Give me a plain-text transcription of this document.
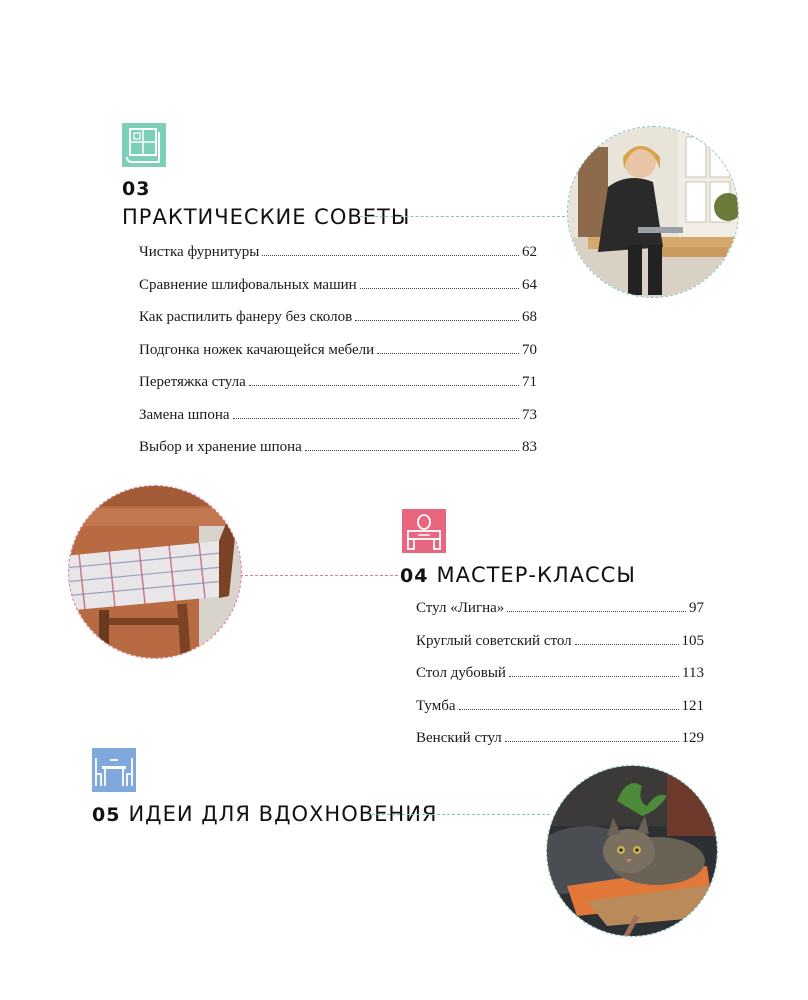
03
ПРАКТИЧЕСКИЕ СОВЕТЫ
Чистка фурнитуры	62
Сравнение шлифовальных машин	64
Как распилить фанеру без сколов	68
Подгонка ножек качающейся мебели	70
Перетяжка стула	71
Замена шпона	73
Выбор и хранение шпона	83
04 МАСТЕР-КЛАССЫ
Стул «Лигна»	97
Круглый советский стол	105
Стол дубовый	113
Тумба	121
Венский стул	129
05 ИДЕИ ДЛЯ ВДОХНОВЕНИЯ
